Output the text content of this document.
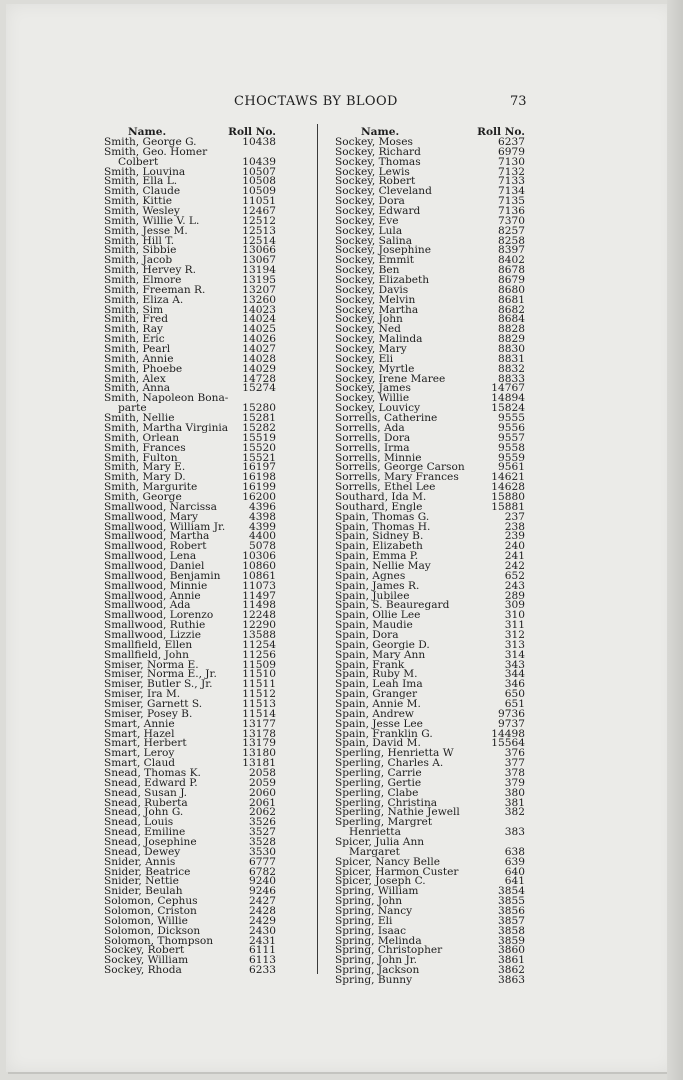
CHOCTAWS BY BLOOD	73
Name.	Roll No.
Smith, George G.	10438
Smith, Geo. Homer
Colbert	10439
Smith, Louvina	10507
Smith, Ella L.	10508
Smith, Claude	10509
Smith, Kittie	11051
Smith, Wesley	12467
Smith, Willie V. L.	12512
Smith, Jesse M.	12513
Smith, Hill T.	12514
Smith, Sibbie	13066
Smith, Jacob	13067
Smith, Hervey R.	13194
Smith, Elmore	13195
Smith, Freeman R.	13207
Smith, Eliza A.	13260
Smith, Sim	14023
Smith, Fred	14024
Smith, Ray	14025
Smith, Eric	14026
Smith, Pearl	14027
Smith, Annie	14028
Smith, Phoebe	14029
Smith, Alex	14728
Smith, Anna	15274
Smith, Napoleon Bona-
parte	15280
Smith, Nellie	15281
Smith, Martha Virginia 15282
Smith, Orlean	15519
Smith, Frances	15520
Smith, Fulton	15521
Smith, Mary E.	16197
Smith, Mary D.	16198
Smith, Margurite	16199
Smith, George	16200
Smallwood, Narcissa	4396
Smallwood, Mary	4398
Smallwood, William Jr. 4399
Smallwood, Martha	4400
Smallwood, Robert	5078
Smallwood, Lena	10306
Smallwood, Daniel	10860
Smallwood, Benjamin 10861
Smallwood, Minnie	11073
Smallwood, Annie	11497
Smallwood, Ada	11498
Smallwood, Lorenzo	12248
Smallwood, Ruthie	12290
Smallwood, Lizzie	13588
Smallfield, Ellen	11254
Smallfield, John	11256
Smiser, Norma E.	11509
Smiser, Norma E., Jr. 11510
Smiser, Butler S., Jr.	11511
Smiser, Ira M.	11512
Smiser, Garnett S.	11513
Smiser, Posey B.	11514
Smart, Annie	13177
Smart, Hazel	13178
Smart, Herbert	13179
Smart, Leroy	13180
Smart, Claud	13181
Snead, Thomas K.	2058
Snead, Edward P.	2059
Snead, Susan J.	2060
Snead, Ruberta	2061
Snead, John G.	2062
Snead, Louis	3526
Snead, Emiline	3527
Snead, Josephine	3528
Snead, Dewey	3530
Snider, Annis	6777
Snider, Beatrice	6782
Snider, Nettie	9240
Snider, Beulah	9246
Solomon, Cephus	2427
Solomon, Criston	2428
Solomon, Willie	2429
Solomon, Dickson	2430
Solomon, Thompson	2431
Sockey, Robert	6111
Sockey, William	6113
Sockey, Rhoda	6233
Name.	Roll No.
Sockey, Moses	6237
Sockey, Richard	6979
Sockey, Thomas	7130
Sockey, Lewis	7132
Sockey, Robert	7133
Sockey, Cleveland	7134
Sockey, Dora	7135
Sockey, Edward	7136
Sockey, Eve	7370
Sockey, Lula	8257
Sockey, Salina	8258
Sockey, Josephine	8397
Sockey, Emmit	8402
Sockey, Ben	8678
Sockey, Elizabeth	8679
Sockey, Davis	8680
Sockey, Melvin	8681
Sockey, Martha	8682
Sockey, John	8684
Sockey, Ned	8828
Sockey, Malinda	8829
Sockey, Mary	8830
Sockey, Eli	8831
Sockey, Myrtle	8832
Sockey, Irene Maree	8833
Sockey, James	14767
Sockey, Willie	14894
Sockey, Louvicy	15824
Sorrells, Catherine	9555
Sorrells, Ada	9556
Sorrells, Dora	9557
Sorrells, Irma	9558
Sorrells, Minnie	9559
Sorrells, George Carson	9561
Sorrells, Mary Frances	14621
Sorrells, Ethel Lee	14628
Southard, Ida M.	15880
Southard, Engle	15881
Spain, Thomas G.	237
Spain, Thomas H.	238
Spain, Sidney B.	239
Spain, Elizabeth	240
Spain, Emma P.	241
Spain, Nellie May	242
Spain, Agnes	652
Spain, James R.	243
Spain, Jubilee	289
Spain, S. Beauregard	309
Spain, Ollie Lee	310
Spain, Maudie	311
Spain, Dora	312
Spain, Georgie D.	313
Spain, Mary Ann	314
Spain, Frank	343
Spain, Ruby M.	344
Spain, Leah Ima	346
Spain, Granger	650
Spain, Annie M.	651
Spain, Andrew	9736
Spain, Jesse Lee	9737
Spain, Franklin G.	14498
Spain, David M.	15564
Sperling, Henrietta W	376
Sperling, Charles A.	377
Sperling, Carrie	378
Sperling, Gertie	379
Sperling, Clabe	380
Sperling, Christina	381
Sperling, Nathie Jewell	382
Sperling, Margret
Henrietta	383
Spicer, Julia Ann
Margaret	638
Spicer, Nancy Belle	639
Spicer, Harmon Custer	640
Spicer, Joseph C.	641
Spring, William	3854
Spring, John	3855
Spring, Nancy	3856
Spring, Eli	3857
Spring, Isaac	3858
Spring, Melinda	3859
Spring, Christopher	3860
Spring, John Jr.	3861
Spring, Jackson	3862
Spring, Bunny	3863
